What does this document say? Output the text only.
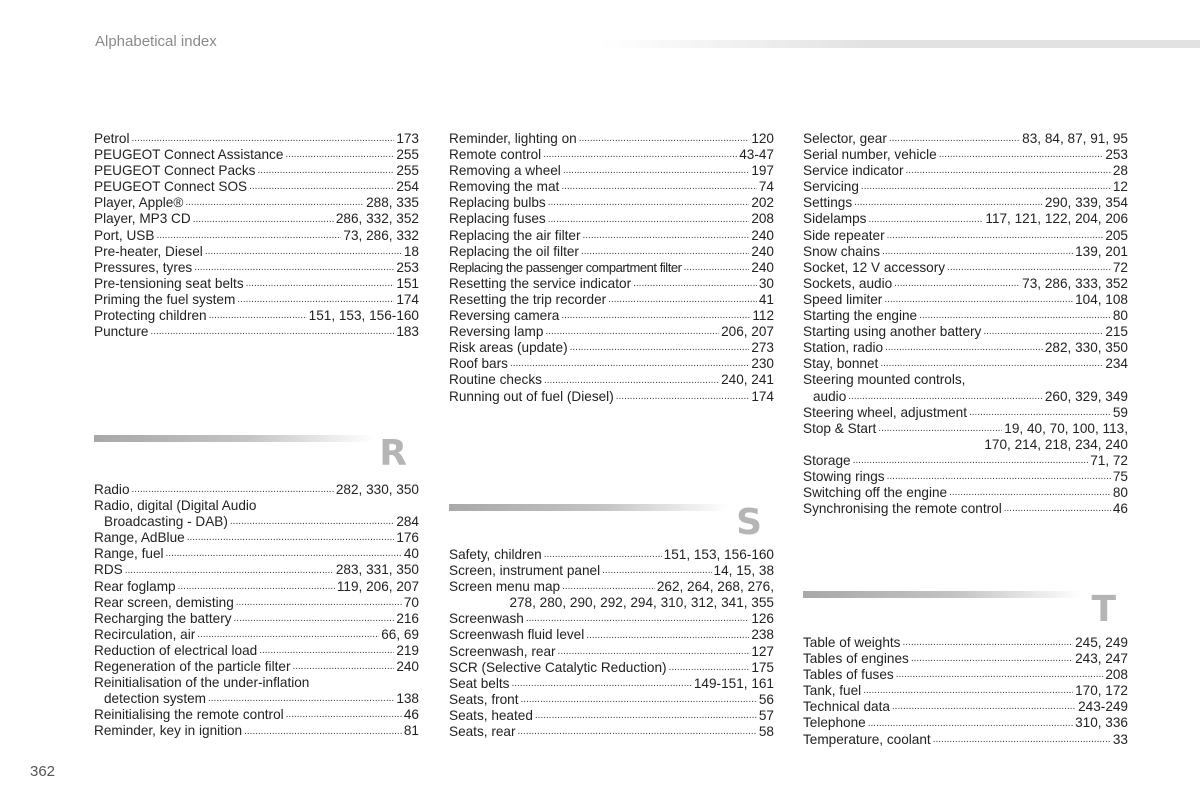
Alphabetical index
Petrol .....	173
PEUGEOT Connect Assistance .....	255
PEUGEOT Connect Packs .....	255
PEUGEOT Connect SOS .....	254
Player, Apple® .....	288, 335
Player, MP3 CD .....	286, 332, 352
Port, USB .....	73, 286, 332
Pre-heater, Diesel .....	18
Pressures, tyres .....	253
Pre-tensioning seat belts .....	151
Priming the fuel system .....	174
Protecting children .....	151, 153, 156-160
Puncture .....	183
R
Radio .....	282, 330, 350
Radio, digital (Digital Audio
Broadcasting - DAB) .....	284
Range, AdBlue .....	176
Range, fuel .....	40
RDS .....	283, 331, 350
Rear foglamp .....	119, 206, 207
Rear screen, demisting .....	70
Recharging the battery .....	216
Recirculation, air .....	66, 69
Reduction of electrical load .....	219
Regeneration of the particle filter .....	240
Reinitialisation of the under-inflation
detection system .....	138
Reinitialising the remote control .....	46
Reminder, key in ignition .....	81
Reminder, lighting on .....	120
Remote control .....	43-47
Removing a wheel .....	197
Removing the mat .....	74
Replacing bulbs .....	202
Replacing fuses .....	208
Replacing the air filter .....	240
Replacing the oil filter .....	240
Replacing the passenger compartment filter .....	240
Resetting the service indicator .....	30
Resetting the trip recorder .....	41
Reversing camera .....	112
Reversing lamp .....	206, 207
Risk areas (update) .....	273
Roof bars .....	230
Routine checks .....	240, 241
Running out of fuel (Diesel) .....	174
S
Safety, children .....	151, 153, 156-160
Screen, instrument panel .....	14, 15, 38
Screen menu map .....	262, 264, 268, 276,
278, 280, 290, 292, 294, 310, 312, 341, 355
Screenwash .....	126
Screenwash fluid level .....	238
Screenwash, rear .....	127
SCR (Selective Catalytic Reduction) .....	175
Seat belts .....	149-151, 161
Seats, front .....	56
Seats, heated .....	57
Seats, rear .....	58
Selector, gear .....	83, 84, 87, 91, 95
Serial number, vehicle .....	253
Service indicator .....	28
Servicing .....	12
Settings .....	290, 339, 354
Sidelamps .....	117, 121, 122, 204, 206
Side repeater .....	205
Snow chains .....	139, 201
Socket, 12 V accessory .....	72
Sockets, audio .....	73, 286, 333, 352
Speed limiter .....	104, 108
Starting the engine .....	80
Starting using another battery .....	215
Station, radio .....	282, 330, 350
Stay, bonnet .....	234
Steering mounted controls,
audio .....	260, 329, 349
Steering wheel, adjustment .....	59
Stop & Start .....	19, 40, 70, 100, 113,
170, 214, 218, 234, 240
Storage .....	71, 72
Stowing rings .....	75
Switching off the engine .....	80
Synchronising the remote control .....	46
T
Table of weights .....	245, 249
Tables of engines .....	243, 247
Tables of fuses .....	208
Tank, fuel .....	170, 172
Technical data .....	243-249
Telephone .....	310, 336
Temperature, coolant .....	33
362
